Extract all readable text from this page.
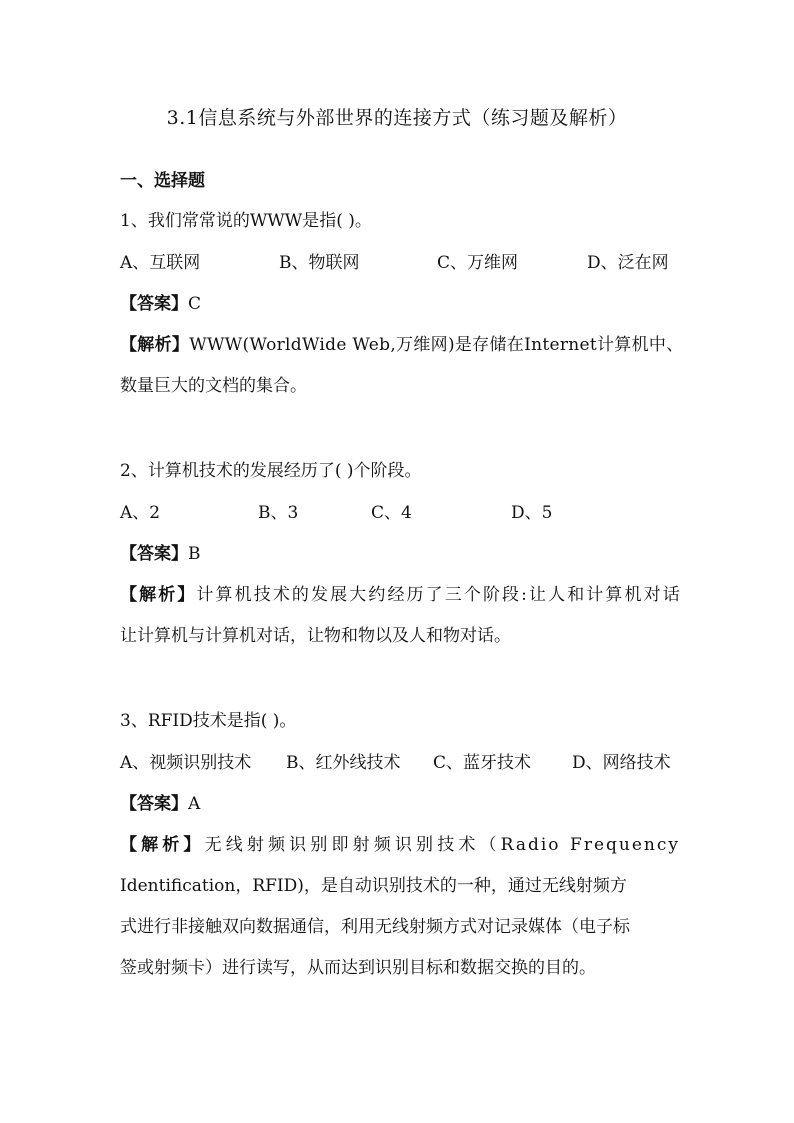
3.1信息系统与外部世界的连接方式（练习题及解析）
一、选择题
1、我们常常说的WWW是指( )。
A、互联网	B、物联网	C、万维网	D、泛在网
【答案】C
【解析】WWW(WorldWide Web,万维网)是存储在Internet计算机中、
数量巨大的文档的集合。
2、计算机技术的发展经历了( )个阶段。
A、2	B、3	C、4	D、5
【答案】B
【解析】计算机技术的发展大约经历了三个阶段:让人和计算机对话
让计算机与计算机对话，让物和物以及人和物对话。
3、RFID技术是指( )。
A、视频识别技术 B、红外线技术 C、蓝牙技术 D、网络技术
【答案】A
【解析】无线射频识别即射频识别技术（Radio Frequency
Identification，RFID)，是自动识别技术的一种，通过无线射频方
式进行非接触双向数据通信，利用无线射频方式对记录媒体（电子标
签或射频卡）进行读写，从而达到识别目标和数据交换的目的。
